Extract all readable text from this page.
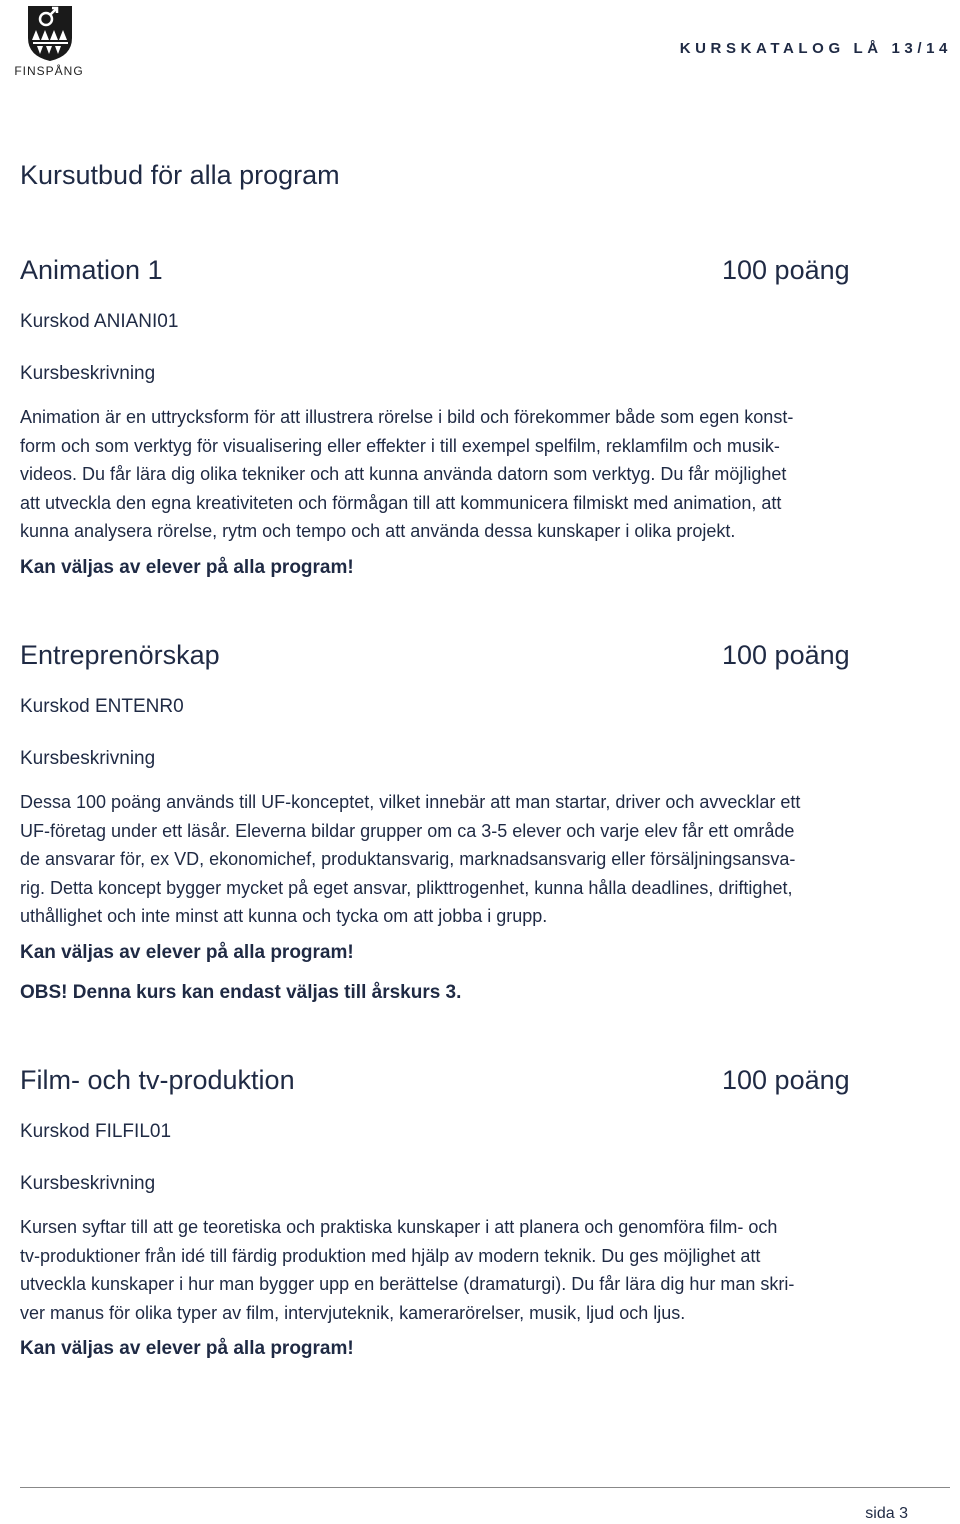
FINSPÅNG
KURSKATALOG LÅ 13/14
Kursutbud för alla program
Animation 1	100 poäng
Kurskod ANIANI01
Kursbeskrivning
Animation är en uttrycksform för att illustrera rörelse i bild och förekommer både som egen konst-
form och som verktyg för visualisering eller effekter i till exempel spelfilm, reklamfilm och musik-
videos. Du får lära dig olika tekniker och att kunna använda datorn som verktyg. Du får möjlighet
att utveckla den egna kreativiteten och förmågan till att kommunicera filmiskt med animation, att
kunna analysera rörelse, rytm och tempo och att använda dessa kunskaper i olika projekt.
Kan väljas av elever på alla program!
Entreprenörskap	100 poäng
Kurskod ENTENR0
Kursbeskrivning
Dessa 100 poäng används till UF-konceptet, vilket innebär att man startar, driver och avvecklar ett
UF-företag under ett läsår. Eleverna bildar grupper om ca 3-5 elever och varje elev får ett område
de ansvarar för, ex VD, ekonomichef, produktansvarig, marknadsansvarig eller försäljningsansva-
rig. Detta koncept bygger mycket på eget ansvar, plikttrogenhet, kunna hålla deadlines, driftighet,
uthållighet och inte minst att kunna och tycka om att jobba i grupp.
Kan väljas av elever på alla program!
OBS! Denna kurs kan endast väljas till årskurs 3.
Film- och tv-produktion	100 poäng
Kurskod FILFIL01
Kursbeskrivning
Kursen syftar till att ge teoretiska och praktiska kunskaper i att planera och genomföra film- och
tv-produktioner från idé till färdig produktion med hjälp av modern teknik. Du ges möjlighet att
utveckla kunskaper i hur man bygger upp en berättelse (dramaturgi). Du får lära dig hur man skri-
ver manus för olika typer av film, intervjuteknik, kamerarörelser, musik, ljud och ljus.
Kan väljas av elever på alla program!
sida 3
